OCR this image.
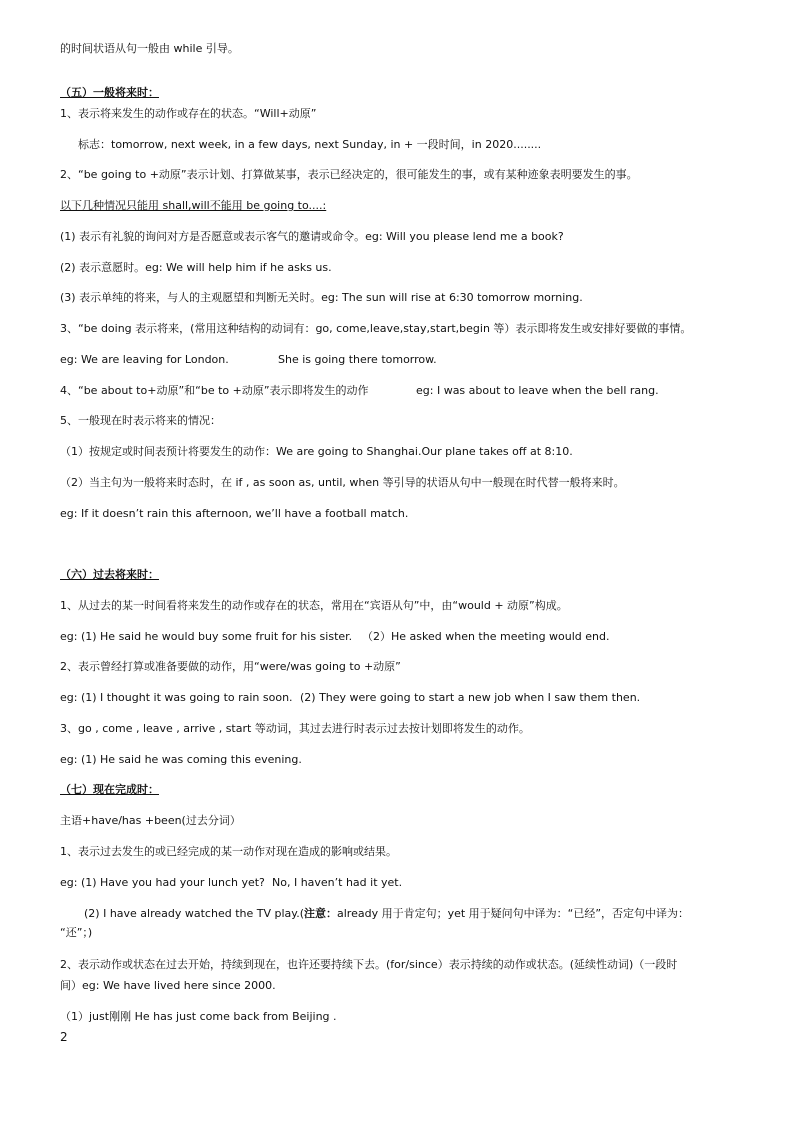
的时间状语从句一般由 while 引导。
（五）一般将来时：
1、表示将来发生的动作或存在的状态。“Will+动原”
标志：tomorrow, next week, in a few days, next Sunday, in + 一段时间，in 2020........
2、“be going to +动原”表示计划、打算做某事，表示已经决定的，很可能发生的事，或有某种迹象表明要发生的事。
以下几种情况只能用 shall,will不能用 be going to....:
(1) 表示有礼貌的询问对方是否愿意或表示客气的邀请或命令。eg: Will you please lend me a book?
(2) 表示意愿时。eg: We will help him if he asks us.
(3) 表示单纯的将来，与人的主观愿望和判断无关时。eg: The sun will rise at 6:30 tomorrow morning.
3、“be doing 表示将来，(常用这种结构的动词有：go, come,leave,stay,start,begin 等）表示即将发生或安排好要做的事情。
eg: We are leaving for London.	She is going there tomorrow.
4、“be about to+动原”和“be to +动原”表示即将发生的动作	eg: I was about to leave when the bell rang.
5、一般现在时表示将来的情况：
（1）按规定或时间表预计将要发生的动作：We are going to Shanghai.Our plane takes off at 8:10.
（2）当主句为一般将来时态时，在 if , as soon as, until, when 等引导的状语从句中一般现在时代替一般将来时。
eg: If it doesn’t rain this afternoon, we’ll have a football match.
（六）过去将来时：
1、从过去的某一时间看将来发生的动作或存在的状态，常用在“宾语从句”中，由“would + 动原”构成。
eg: (1) He said he would buy some fruit for his sister. （2）He asked when the meeting would end.
2、表示曾经打算或准备要做的动作，用“were/was going to +动原”
eg: (1) I thought it was going to rain soon. (2) They were going to start a new job when I saw them then.
3、go , come , leave , arrive , start 等动词，其过去进行时表示过去按计划即将发生的动作。
eg: (1) He said he was coming this evening.
（七）现在完成时：
主语+have/has +been(过去分词）
1、表示过去发生的或已经完成的某一动作对现在造成的影响或结果。
eg: (1) Have you had your lunch yet? No, I haven’t had it yet.
(2) I have already watched the TV play.(注意：already 用于肯定句；yet 用于疑问句中译为：“已经”，否定句中译为：
“还”；)
2、表示动作或状态在过去开始，持续到现在，也许还要持续下去。(for/since）表示持续的动作或状态。(延续性动词)（一段时
间）eg: We have lived here since 2000.
（1）just刚刚 He has just come back from Beijing .
2
